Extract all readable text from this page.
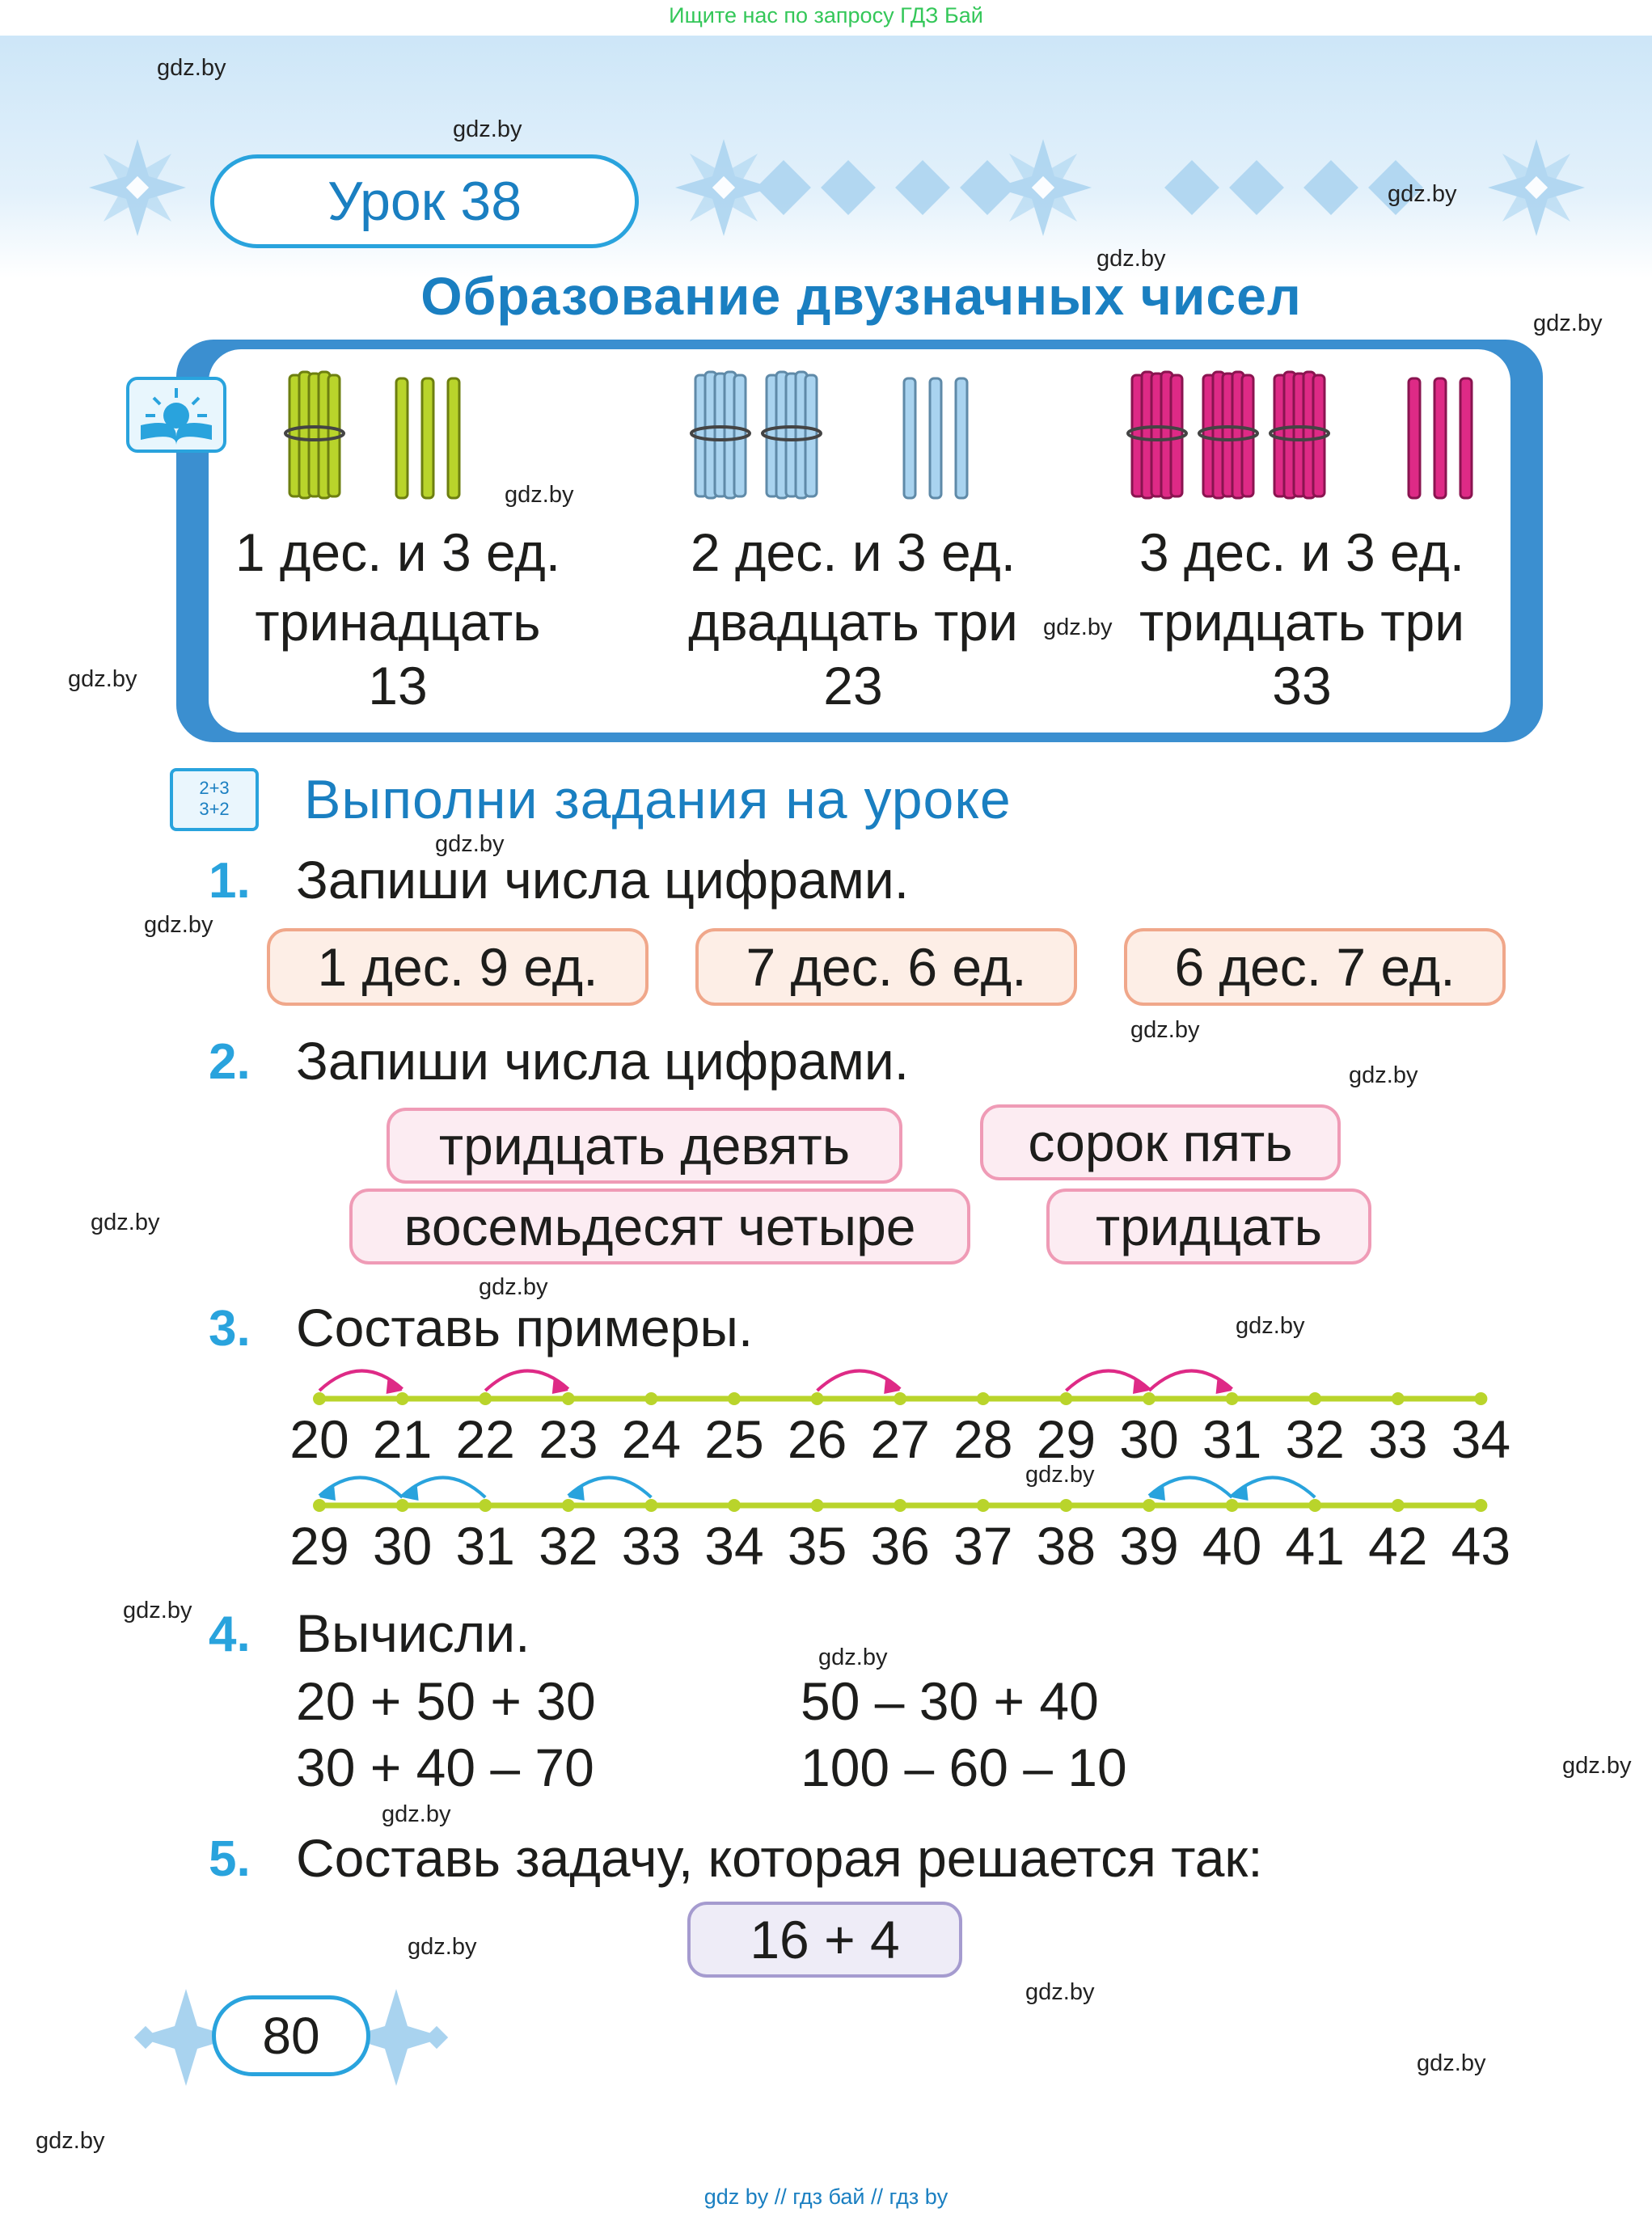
Ищите нас по запросу ГДЗ Бай
Урок 38
Образование двузначных чисел
1 дес. и 3 ед.
тринадцать
13
2 дес. и 3 ед.
двадцать три
23
3 дес. и 3 ед.
тридцать три
33
2+3
3+2	Выполни задания на уроке
1. Запиши числа цифрами.
1 дес. 9 ед.	7 дес. 6 ед.	6 дес. 7 ед.
2. Запиши числа цифрами.
тридцать девять	сорок пять
восемьдесят четыре	тридцать
3. Составь примеры.
4. Вычисли.
20 + 50 + 30
30 + 40 – 70
50 – 30 + 40
100 – 60 – 10
5. Составь задачу, которая решается так:
16 + 4
80
gdz by // гдз бай // гдз by
gdz.by
gdz.by
gdz.by
gdz.by
gdz.by
gdz.by
gdz.by
gdz.by
gdz.by
gdz.by
gdz.by
gdz.by
gdz.by
gdz.by
gdz.by
gdz.by
gdz.by
gdz.by
gdz.by
gdz.by
gdz.by
gdz.by
gdz.by
gdz.by
20 21 22 23 24 25 26 27 28 29 30 31 32 33 34
29 30 31 32 33 34 35 36 37 38 39 40 41 42 43
